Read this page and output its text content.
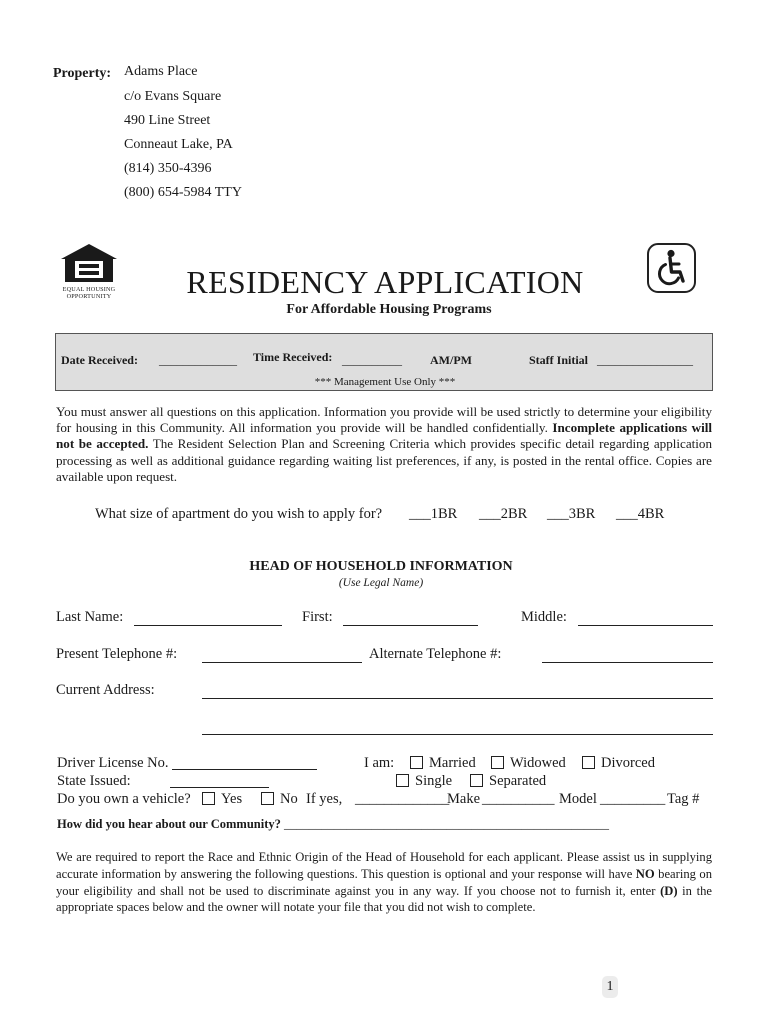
Property: Adams Place
c/o Evans Square
490 Line Street
Conneaut Lake, PA
(814) 350-4396
(800) 654-5984 TTY
EQUAL HOUSING OPPORTUNITY	RESIDENCY APPLICATION
For Affordable Housing Programs
Date Received: _____________ Time Received: __________ AM/PM	Staff Initial ________________
*** Management Use Only ***
You must answer all questions on this application. Information you provide will be used strictly to determine your eligibility for housing in this Community. All information you provide will be handled confidentially. Incomplete applications will not be accepted. The Resident Selection Plan and Screening Criteria which provides specific detail regarding application processing as well as additional guidance regarding waiting list preferences, if any, is posted in the rental office. Copies are available upon request.
What size of apartment do you wish to apply for? ___1BR ___2BR ___3BR ___4BR
HEAD OF HOUSEHOLD INFORMATION
(Use Legal Name)
Last Name:	First:	Middle:
Present Telephone #:	Alternate Telephone #:
Current Address:
Driver License No.
State Issued:
I am: Married Widowed Divorced
Single	Separated
Do you own a vehicle? Yes	No If yes, _____________
Make __________ Model _________ Tag #
How did you hear about our Community? ____________________________________________________
We are required to report the Race and Ethnic Origin of the Head of Household for each applicant. Please assist us in supplying accurate information by answering the following questions. This question is optional and your response will have NO bearing on your eligibility and shall not be used to discriminate against you in any way. If you choose not to furnish it, enter (D) in the appropriate spaces below and the owner will notate your file that you did not wish to complete.
1
